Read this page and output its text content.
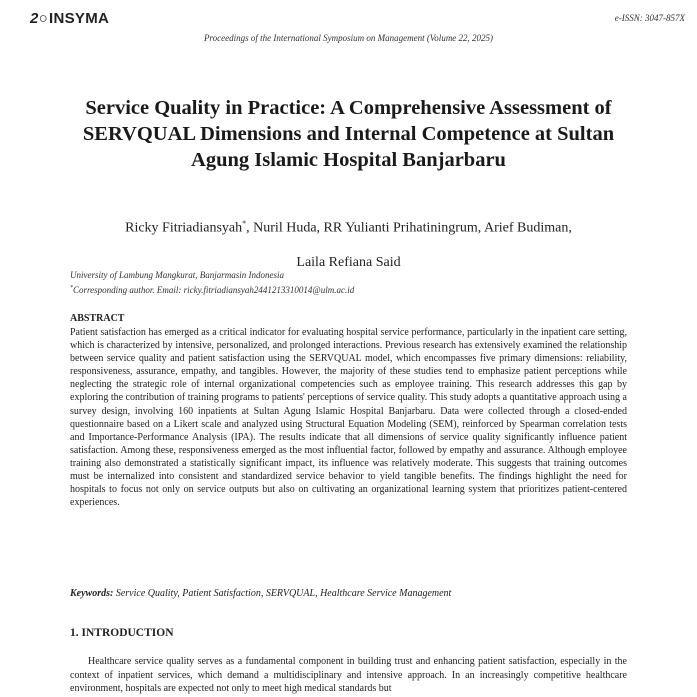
2○INSYMA	e-ISSN: 3047-857X
Proceedings of the International Symposium on Management (Volume 22, 2025)
Service Quality in Practice: A Comprehensive Assessment of SERVQUAL Dimensions and Internal Competence at Sultan Agung Islamic Hospital Banjarbaru
Ricky Fitriadiansyah*, Nuril Huda, RR Yulianti Prihatiningrum, Arief Budiman,
Laila Refiana Said
University of Lambung Mangkurat, Banjarmasin Indonesia
*Corresponding author. Email: ricky.fitriadiansyah2441213310014@ulm.ac.id
ABSTRACT

Patient satisfaction has emerged as a critical indicator for evaluating hospital service performance, particularly in the inpatient care setting, which is characterized by intensive, personalized, and prolonged interactions. Previous research has extensively examined the relationship between service quality and patient satisfaction using the SERVQUAL model, which encompasses five primary dimensions: reliability, responsiveness, assurance, empathy, and tangibles. However, the majority of these studies tend to emphasize patient perceptions while neglecting the strategic role of internal organizational competencies such as employee training. This research addresses this gap by exploring the contribution of training programs to patients' perceptions of service quality. This study adopts a quantitative approach using a survey design, involving 160 inpatients at Sultan Agung Islamic Hospital Banjarbaru. Data were collected through a closed-ended questionnaire based on a Likert scale and analyzed using Structural Equation Modeling (SEM), reinforced by Spearman correlation tests and Importance-Performance Analysis (IPA). The results indicate that all dimensions of service quality significantly influence patient satisfaction. Among these, responsiveness emerged as the most influential factor, followed by empathy and assurance. Although employee training also demonstrated a statistically significant impact, its influence was relatively moderate. This suggests that training outcomes must be internalized into consistent and standardized service behavior to yield tangible benefits. The findings highlight the need for hospitals to focus not only on service outputs but also on cultivating an organizational learning system that prioritizes patient-centered experiences.

Keywords: Service Quality, Patient Satisfaction, SERVQUAL, Healthcare Service Management

1. INTRODUCTION

Healthcare service quality serves as a fundamental component in building trust and enhancing patient satisfaction, especially in the context of inpatient services, which demand a multidisciplinary and intensive approach. In an increasingly competitive healthcare environment, hospitals are expected not only to meet high medical standards but
